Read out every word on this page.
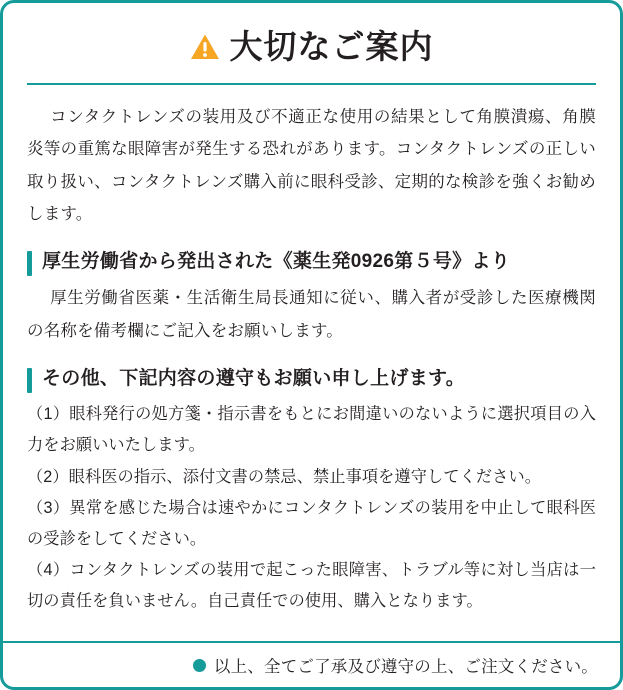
大切なご案内

コンタクトレンズの装用及び不適正な使用の結果として角膜潰瘍、角膜炎等の重篤な眼障害が発生する恐れがあります。コンタクトレンズの正しい取り扱い、コンタクトレンズ購入前に眼科受診、定期的な検診を強くお勧めします。

厚生労働省から発出された《薬生発0926第５号》より

厚生労働省医薬・生活衛生局長通知に従い、購入者が受診した医療機関の名称を備考欄にご記入をお願いします。

その他、下記内容の遵守もお願い申し上げます。
（1）眼科発行の処方箋・指示書をもとにお間違いのないように選択項目の入力をお願いいたします。
（2）眼科医の指示、添付文書の禁忌、禁止事項を遵守してください。
（3）異常を感じた場合は速やかにコンタクトレンズの装用を中止して眼科医の受診をしてください。
（4）コンタクトレンズの装用で起こった眼障害、トラブル等に対し当店は一切の責任を負いません。自己責任での使用、購入となります。
以上、全てご了承及び遵守の上、ご注文ください。
